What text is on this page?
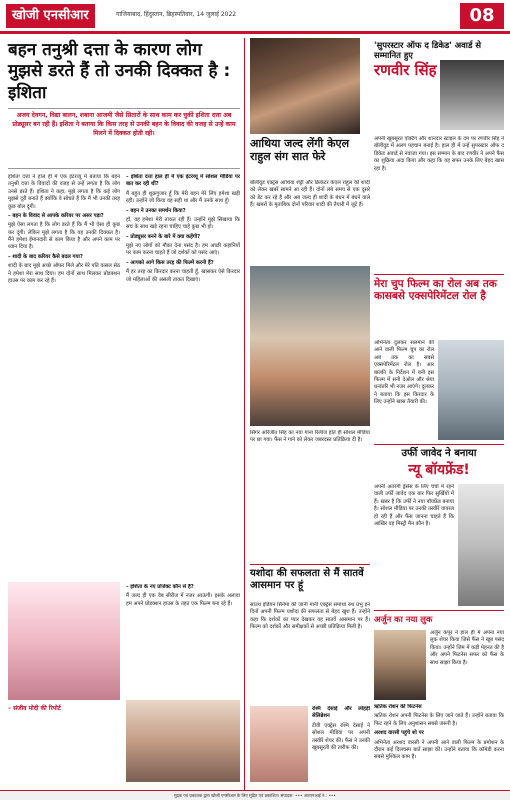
खोजी एनसीआर	गाजियाबाद, हिंदुस्तान, ब्रिहस्पतिवार, 14 जुलाई 2022	08
बहन तनुश्री दत्ता के कारण लोग मुझसे डरते हैं तो उनकी दिक्कत है : इशिता
अजय देवगन, विद्या बालन, शबाना आजमी जैसे सितारों के साथ काम कर चुकीं इशिता दत्ता अब प्रोड्यूसर बन रही हैं। इशिता ने बताया कि किस तरह से उनकी बहन के विवाद की वजह से उन्हें काम मिलने में दिक्कत होती रही।

इशिता दत्ता ने हाल ही में एक इंटरव्यू में बताया कि बहन तनुश्री दत्ता के विवादों की वजह से उन्हें लगता है कि लोग उनसे डरते हैं। इशिता ने कहा, मुझे लगता है कि कई लोग मुझसे दूरी बनाते हैं क्योंकि वे सोचते हैं कि मैं भी उनकी तरह कुछ बोल दूंगी।

– बहन के विवाद से आपके करियर पर असर पड़ा?

मुझे ऐसा लगता है कि लोग डरते हैं कि मैं भी ऐसा ही कुछ कर दूंगी। लेकिन मुझे लगता है कि यह उनकी दिक्कत है। मैंने हमेशा ईमानदारी से काम किया है और अपने काम पर ध्यान दिया है।

– शादी के बाद करियर कैसे बदल गया?

शादी के बाद मुझे अच्छे ऑफर मिले और मेरे पति वत्सल सेठ ने हमेशा मेरा साथ दिया। हम दोनों साथ मिलकर प्रोडक्शन हाउस पर काम कर रहे हैं।

– इशिता दत्ता हाल ही में एक इंटरव्यू में सोशल मीडिया पर बात कर रही थीं?

मैं बहुत ही शुक्रगुजार हूँ कि मेरी बहन मेरे लिए हमेशा खड़ी रहीं। उन्होंने जो किया वह सही था और मैं उनके साथ हूँ।

– बहन ने उनका समर्थन किया?

हाँ, वह हमेशा मेरी ताकत रही हैं। उन्होंने मुझे सिखाया कि सच के साथ खड़े रहना चाहिए चाहे कुछ भी हो।

– प्रोड्यूसर बनने के बारे में क्या कहेंगी?

मुझे नए लोगों को मौका देना पसंद है। हम अच्छी कहानियों पर काम करना चाहते हैं जो दर्शकों को पसंद आएं।

– आपको आगे किस तरह की फिल्में करनी हैं?

मैं हर तरह का किरदार करना चाहती हूँ, खासकर ऐसे किरदार जो महिलाओं की असली ताकत दिखाएं।

– इशिता के नए प्रोजेक्ट कौन से हैं?

मैं जल्द ही एक वेब सीरीज में नजर आऊंगी। इसके अलावा हम अपने प्रोडक्शन हाउस के तहत एक फिल्म बना रहे हैं।

– संजीव मोदी की रिपोर्ट
आथिया जल्द लेंगी केएल राहुल संग सात फेरे

बॉलीवुड एक्ट्रेस आथिया शेट्टी और क्रिकेटर केएल राहुल की शादी को लेकर खबरें सामने आ रही हैं। दोनों लंबे समय से एक दूसरे को डेट कर रहे हैं और अब जल्द ही शादी के बंधन में बंधने वाले हैं। खबरों के मुताबिक दोनों परिवार शादी की तैयारी में जुटे हैं।

'सुपरस्टार ऑफ द डिकेड' अवार्ड से सम्मानित हुए
रणवीर सिंह

अपनी खूबसूरत एक्टिंग और शानदार स्टाइल के दम पर रणवीर सिंह ने बॉलीवुड में अलग पहचान बनाई है। हाल ही में उन्हें सुपरस्टार ऑफ द डिकेड अवार्ड से नवाजा गया। इस सम्मान के बाद रणवीर ने अपने फैंस का शुक्रिया अदा किया और कहा कि यह सफर उनके लिए बेहद खास रहा है।

सिंगर अरिजीत सिंह का नया गाना रिलीज होते ही सोशल मीडिया पर छा गया। फैंस ने गाने को लेकर जबरदस्त प्रतिक्रिया दी है।

मेरा चुप फिल्म का रोल अब तक कासबसे एक्सपेरिमेंटल रोल है

अभिनेता दुलकर सलमान की आने वाली फिल्म चुप का रोल अब तक का सबसे एक्सपेरिमेंटल रोल है। आर बाल्की के निर्देशन में बनी इस फिल्म में सनी देओल और श्रेया धन्वंतरि भी नजर आएंगे। दुलकर ने बताया कि इस किरदार के लिए उन्होंने खास तैयारी की।

उर्फी जावेद ने बनाया
न्यू बॉयफ्रेंड!

अपनी अतरंगी ड्रेसेस के लिए चर्चा में रहने वाली उर्फी जावेद एक बार फिर सुर्खियों में हैं। खबर है कि उर्फी ने नया बॉयफ्रेंड बनाया है। सोशल मीडिया पर उनकी तस्वीरें वायरल हो रही हैं और फैंस जानना चाहते हैं कि आखिर वह मिस्ट्री मैन कौन है।

यशोदा की सफलता से मैं सातवें आसमान पर हूं

साउथ इंडियन सिनेमा की जानी मानी एक्ट्रेस समांथा रुथ प्रभु इन दिनों अपनी फिल्म यशोदा की सफलता से बेहद खुश हैं। उन्होंने कहा कि दर्शकों का प्यार देखकर वह सातवें आसमान पर हैं। फिल्म को दर्शकों और समीक्षकों से अच्छी प्रतिक्रिया मिली है।

रश्मि देसाई और लोहड़ी सेलिब्रेशन

टीवी एक्ट्रेस रश्मि देसाई ने सोशल मीडिया पर अपनी तस्वीरें शेयर कीं। फैंस ने उनकी खूबसूरती की तारीफ की।

अर्जुन का नया लुक

अर्जुन कपूर ने हाल ही में अपना नया लुक शेयर किया जिसे फैंस ने खूब पसंद किया। उन्होंने जिम में कड़ी मेहनत की है और अपने फिटनेस सफर को फैंस के साथ साझा किया है।

ऋतिक रोशन की फिटनेस

ऋतिक रोशन अपनी फिटनेस के लिए जाने जाते हैं। उन्होंने बताया कि फिट रहने के लिए अनुशासन सबसे जरूरी है।

अरशद वारसी पहुंचे शो पर

अभिनेता अरशद वारसी ने अपनी आने वाली फिल्म के प्रमोशन के दौरान कई दिलचस्प बातें साझा कीं। उन्होंने बताया कि कॉमेडी करना सबसे मुश्किल काम है।

मुद्रक एवं प्रकाशक द्वारा खोजी एनसीआर के लिए मुद्रित एवं प्रकाशित। संपादक: ••• आरएनआई नं.: •••
